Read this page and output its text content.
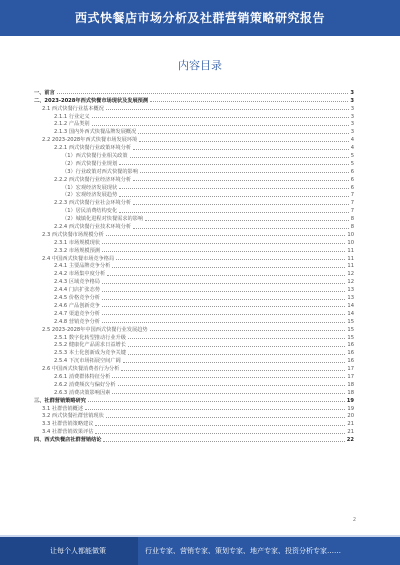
西式快餐店市场分析及社群营销策略研究报告
内容目录
一、前言	3
二、2023-2028年西式快餐市场现状及发展预测	3
2.1 西式快餐行业基本概况	3
2.1.1 行业定义	3
2.1.2 产品类别	3
2.1.3 国内外西式快餐品牌发展概况	3
2.2 2023-2028年西式快餐市场发展环境	4
2.2.1 西式快餐行业政策环境分析	4
（1）西式快餐行业相关政策	5
（2）西式快餐行业规划	5
（3）行业政策对西式快餐的影响	6
2.2.2 西式快餐行业经济环境分析	6
（1）宏观经济发展现状	6
（2）宏观经济发展趋势	7
2.2.3 西式快餐行业社会环境分析	7
（1）居民消费结构变化	7
（2）城镇化进程对快餐需求的影响	8
2.2.4 西式快餐行业技术环境分析	8
2.3 西式快餐市场规模分析	10
2.3.1 市场规模现状	10
2.3.2 市场规模预测	11
2.4 中国西式快餐市场竞争格局	11
2.4.1 主要品牌竞争分析	11
2.4.2 市场集中度分析	12
2.4.3 区域竞争格局	12
2.4.4 门店扩张态势	13
2.4.5 价格竞争分析	13
2.4.6 产品创新竞争	14
2.4.7 渠道竞争分析	14
2.4.8 营销竞争分析	15
2.5 2023-2028年中国西式快餐行业发展趋势	15
2.5.1 数字化转型推动行业升级	15
2.5.2 健康化产品需求日益增长	16
2.5.3 本土化创新成为竞争关键	16
2.5.4 下沉市场拓展空间广阔	16
2.6 中国西式快餐消费者行为分析	17
2.6.1 消费群体特征分析	17
2.6.2 消费频次与偏好分析	18
2.6.3 消费决策影响因素	18
三、社群营销策略研究	19
3.1 社群营销概述	19
3.2 西式快餐社群营销现状	20
3.3 社群营销策略建议	21
3.4 社群营销效果评估	21
四、西式快餐店社群营销结论	22
2
让每个人都能做策	行业专家、营销专家、策划专家、地产专家、投资分析专家……
